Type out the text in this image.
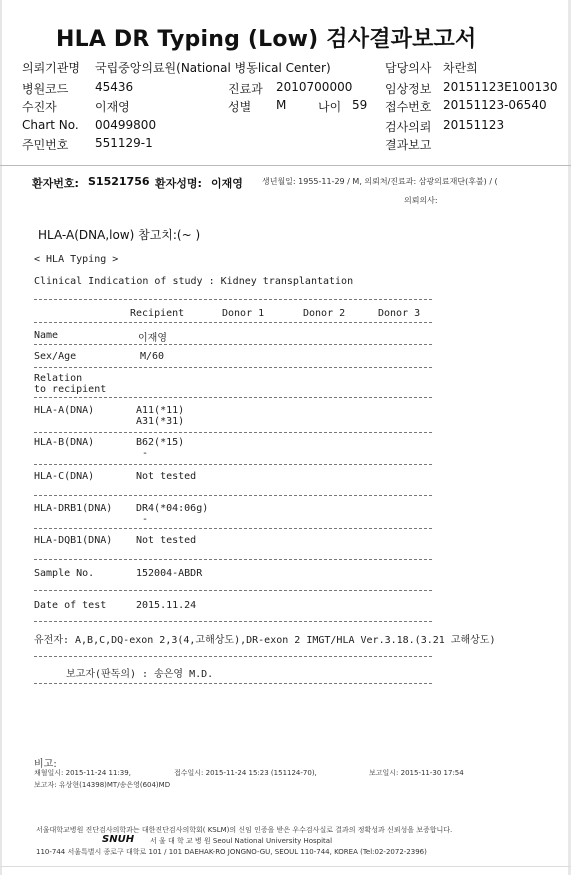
HLA DR Typing (Low) 검사결과보고서
의뢰기관명 국립중앙의료원(National 병동lical Center)	담당의사 차란희
병원코드 45436	진료과 2010700000	임상정보 20151123E100130
수진자	이재영	성별 M	나이 59 접수번호 20151123-06540
Chart No. 00499800	검사의뢰 20151123
주민번호 551129-1	결과보고
환자번호: S1521756 환자성명: 이재영 생년월일: 1955-11-29 / M, 의뢰처/진료과: 삼광의료재단(후불) / (
의뢰의사:
HLA-A(DNA,low) 참고치:(~ )
< HLA Typing >
Clinical Indication of study : Kidney transplantation
Recipient	Donor 1	Donor 2	Donor 3
Name	이재영
Sex/Age	M/60
Relation
to recipient
HLA-A(DNA)	A11(*11)
A31(*31)
HLA-B(DNA)	B62(*15)
-
HLA-C(DNA)	Not tested
HLA-DRB1(DNA) DR4(*04:06g)
-
HLA-DQB1(DNA) Not tested
Sample No.	152004-ABDR
Date of test	2015.11.24
유전자: A,B,C,DQ-exon 2,3(4,고해상도),DR-exon 2 IMGT/HLA Ver.3.18.(3.21 고해상도)
보고자(판독의) : 송은영 M.D.
비고:
채혈일시: 2015-11-24 11:39,	접수일시: 2015-11-24 15:23 (151124-70),	보고일시: 2015-11-30 17:54
보고자: 유상현(14398)MT/송은영(604)MD
서울대학교병원 진단검사의학과는 대한진단검사의학회( KSLM)의 신임 인증을 받은 우수검사실로 결과의 정확성과 신뢰성을 보증합니다.
SNUH 서 울 대 학 교 병 원 Seoul National University Hospital
110-744 서울특별시 종로구 대학로 101 / 101 DAEHAK-RO JONGNO-GU, SEOUL 110-744, KOREA (Tel:02-2072-2396)
